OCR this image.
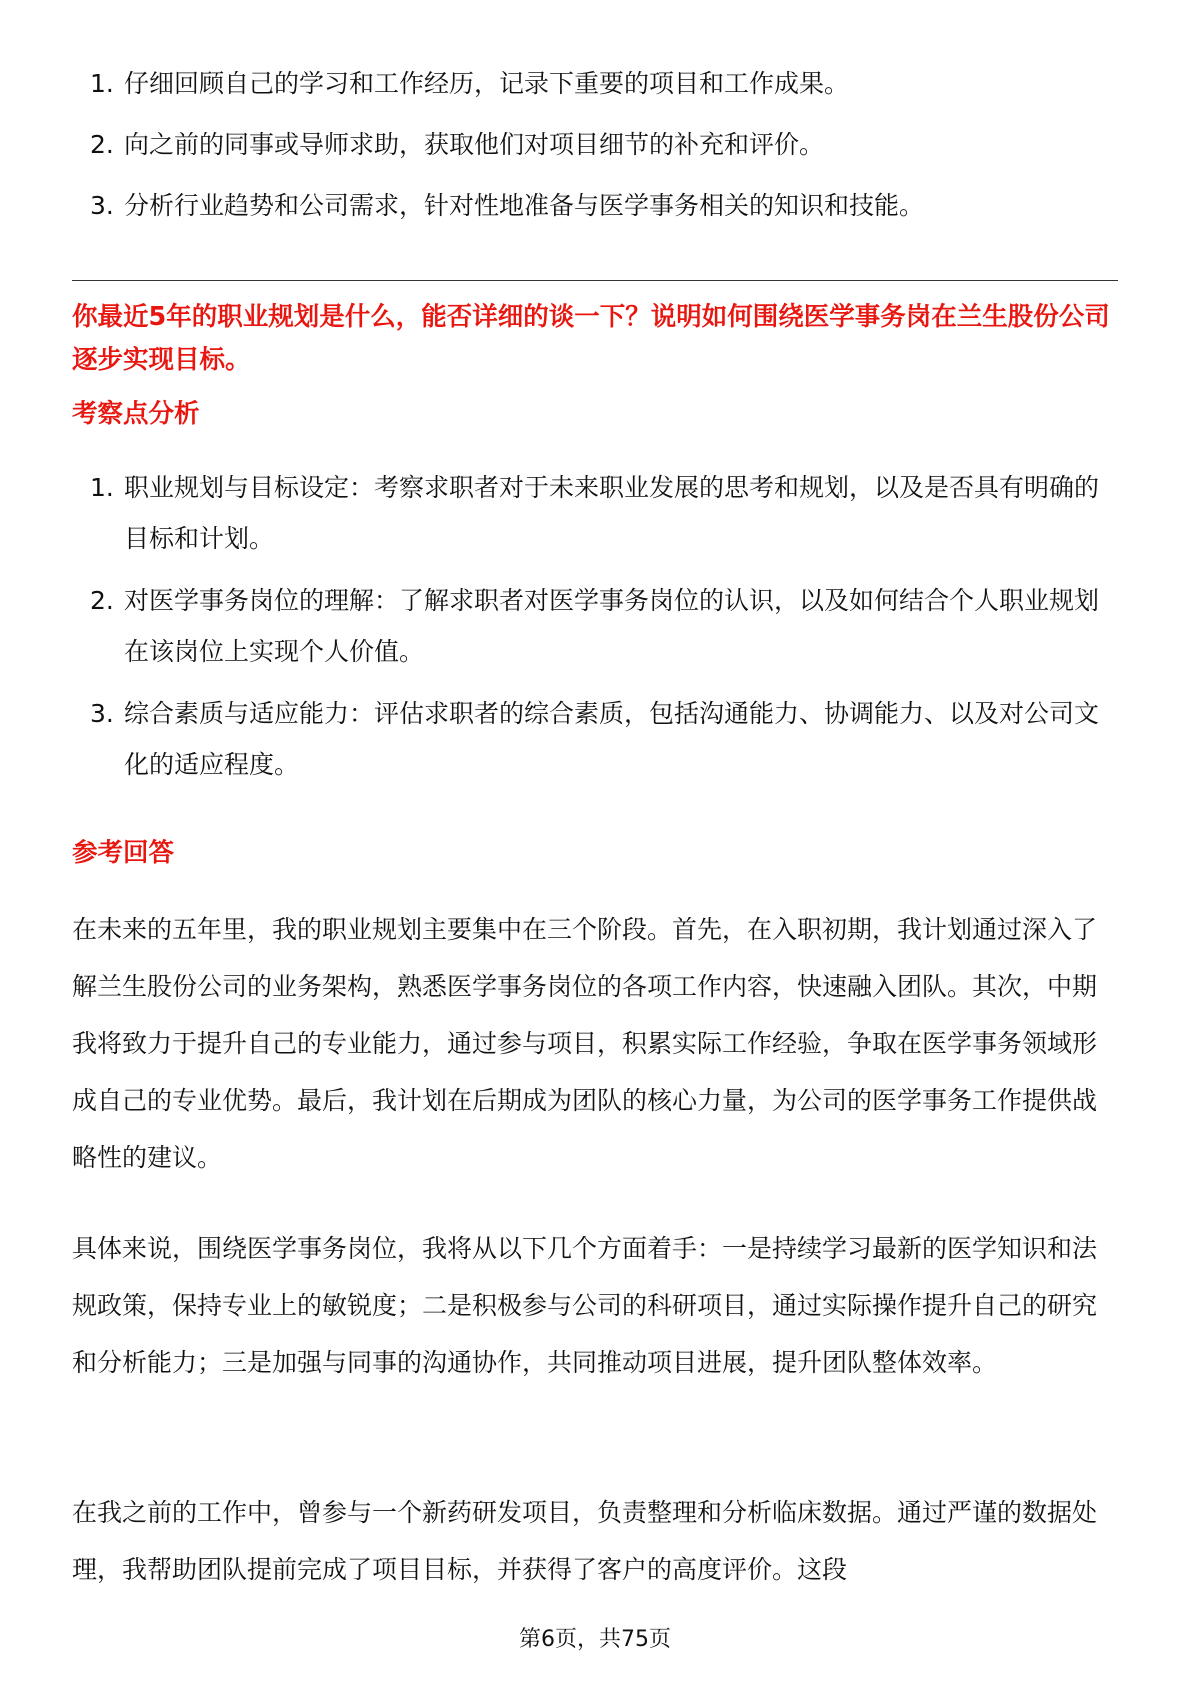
1. 仔细回顾自己的学习和工作经历，记录下重要的项目和工作成果。
2. 向之前的同事或导师求助，获取他们对项目细节的补充和评价。
3. 分析行业趋势和公司需求，针对性地准备与医学事务相关的知识和技能。
你最近5年的职业规划是什么，能否详细的谈一下？说明如何围绕医学事务岗在兰生股份公司逐步实现目标。
考察点分析
1. 职业规划与目标设定：考察求职者对于未来职业发展的思考和规划，以及是否具有明确的目标和计划。
2. 对医学事务岗位的理解：了解求职者对医学事务岗位的认识，以及如何结合个人职业规划在该岗位上实现个人价值。
3. 综合素质与适应能力：评估求职者的综合素质，包括沟通能力、协调能力、以及对公司文化的适应程度。
参考回答

在未来的五年里，我的职业规划主要集中在三个阶段。首先，在入职初期，我计划通过深入了解兰生股份公司的业务架构，熟悉医学事务岗位的各项工作内容，快速融入团队。其次，中期我将致力于提升自己的专业能力，通过参与项目，积累实际工作经验，争取在医学事务领域形成自己的专业优势。最后，我计划在后期成为团队的核心力量，为公司的医学事务工作提供战略性的建议。

具体来说，围绕医学事务岗位，我将从以下几个方面着手：一是持续学习最新的医学知识和法规政策，保持专业上的敏锐度；二是积极参与公司的科研项目，通过实际操作提升自己的研究和分析能力；三是加强与同事的沟通协作，共同推动项目进展，提升团队整体效率。

在我之前的工作中，曾参与一个新药研发项目，负责整理和分析临床数据。通过严谨的数据处理，我帮助团队提前完成了项目目标，并获得了客户的高度评价。这段

第6页，共75页
